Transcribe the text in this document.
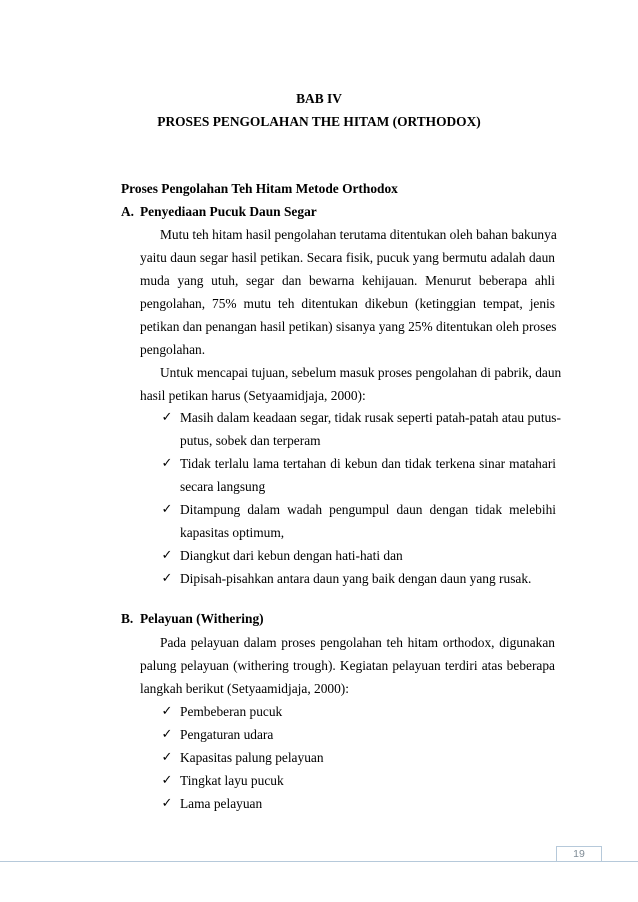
BAB IV
PROSES PENGOLAHAN THE HITAM (ORTHODOX)
Proses Pengolahan Teh Hitam Metode Orthodox
A. Penyediaan Pucuk Daun Segar
Mutu teh hitam hasil pengolahan terutama ditentukan oleh bahan bakunya
yaitu daun segar hasil petikan. Secara fisik, pucuk yang bermutu adalah daun
muda yang utuh, segar dan bewarna kehijauan. Menurut beberapa ahli
pengolahan, 75% mutu teh ditentukan dikebun (ketinggian tempat, jenis
petikan dan penangan hasil petikan) sisanya yang 25% ditentukan oleh proses
pengolahan.
Untuk mencapai tujuan, sebelum masuk proses pengolahan di pabrik, daun
hasil petikan harus (Setyaamidjaja, 2000):
✓ Masih dalam keadaan segar, tidak rusak seperti patah-patah atau putus-
putus, sobek dan terperam
✓ Tidak terlalu lama tertahan di kebun dan tidak terkena sinar matahari
secara langsung
✓ Ditampung dalam wadah pengumpul daun dengan tidak melebihi
kapasitas optimum,
✓ Diangkut dari kebun dengan hati-hati dan
✓ Dipisah-pisahkan antara daun yang baik dengan daun yang rusak.
B. Pelayuan (Withering)
Pada pelayuan dalam proses pengolahan teh hitam orthodox, digunakan
palung pelayuan (withering trough). Kegiatan pelayuan terdiri atas beberapa
langkah berikut (Setyaamidjaja, 2000):
✓ Pembeberan pucuk
✓ Pengaturan udara
✓ Kapasitas palung pelayuan
✓ Tingkat layu pucuk
✓ Lama pelayuan
19
